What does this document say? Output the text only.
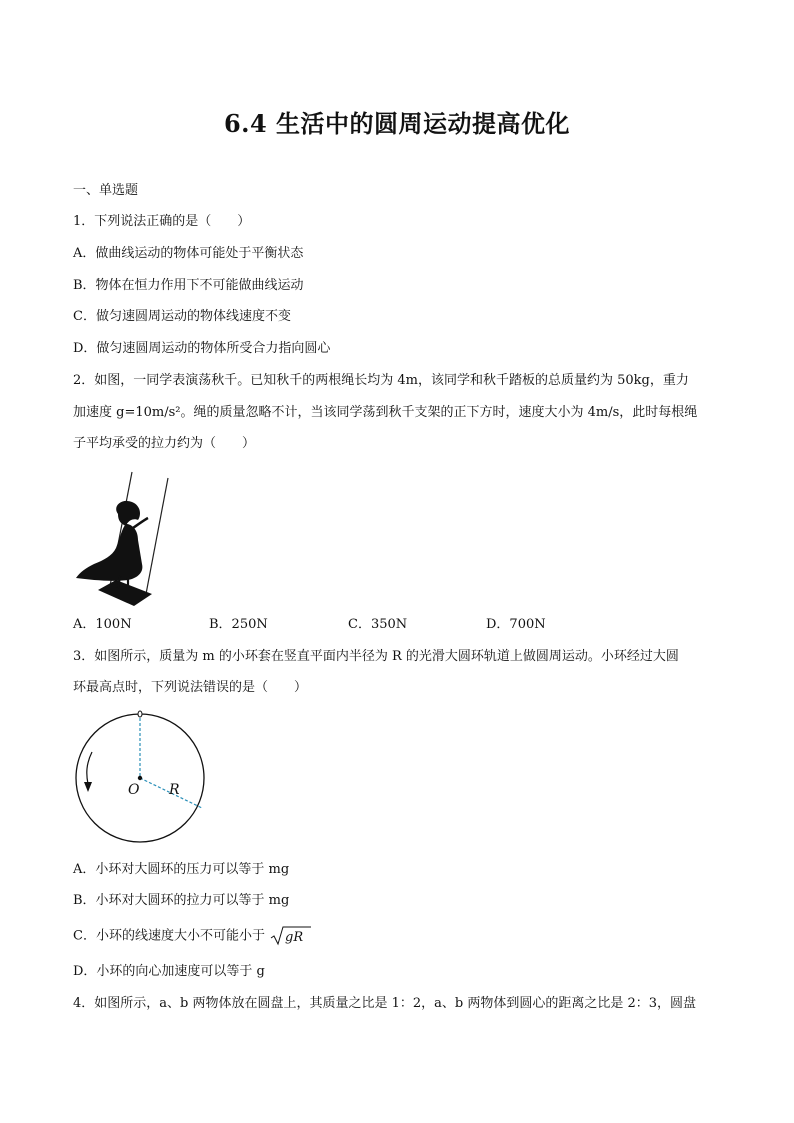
6.4 生活中的圆周运动提高优化
一、单选题
1．下列说法正确的是（　　）
A．做曲线运动的物体可能处于平衡状态
B．物体在恒力作用下不可能做曲线运动
C．做匀速圆周运动的物体线速度不变
D．做匀速圆周运动的物体所受合力指向圆心
2．如图，一同学表演荡秋千。已知秋千的两根绳长均为 4m，该同学和秋千踏板的总质量约为 50kg，重力
加速度 g=10m/s²。绳的质量忽略不计，当该同学荡到秋千支架的正下方时，速度大小为 4m/s，此时每根绳
子平均承受的拉力约为（　　）
A．100N	B．250N	C．350N	D．700N
3．如图所示，质量为 m 的小环套在竖直平面内半径为 R 的光滑大圆环轨道上做圆周运动。小环经过大圆
环最高点时，下列说法错误的是（　　）
O R
A．小环对大圆环的压力可以等于 mg
B．小环对大圆环的拉力可以等于 mg
C．小环的线速度大小不可能小于 gR
D．小环的向心加速度可以等于 g
4．如图所示，a、b 两物体放在圆盘上，其质量之比是 1：2，a、b 两物体到圆心的距离之比是 2：3，圆盘
